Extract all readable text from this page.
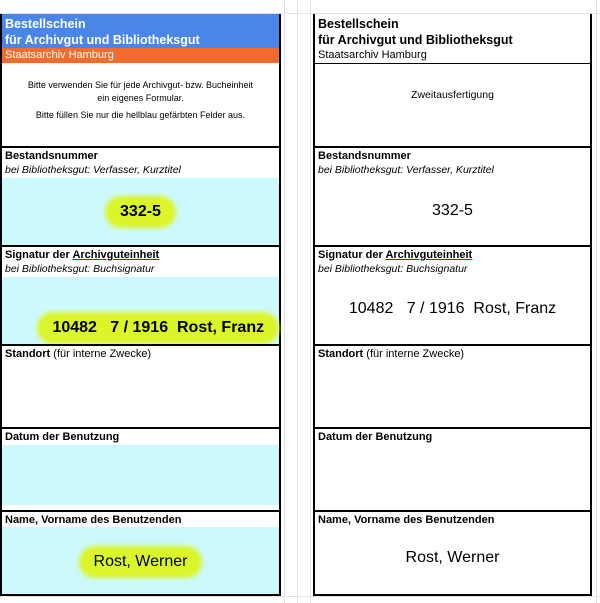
Bestellschein
für Archivgut und Bibliotheksgut
Staatsarchiv Hamburg
Bitte verwenden Sie für jede Archivgut- bzw. Bucheinheit
ein eigenes Formular.
Bitte füllen Sie nur die hellblau gefärbten Felder aus.
Bestandsnummer
bei Bibliotheksgut: Verfasser, Kurztitel
332-5
Signatur der Archivguteinheit
bei Bibliotheksgut: Buchsignatur

10482   7 / 1916  Rost, Franz

Standort (für interne Zwecke)
Datum der Benutzung
Name, Vorname des Benutzenden
Rost, Werner
Bestellschein
für Archivgut und Bibliotheksgut
Staatsarchiv Hamburg
Zweitausfertigung
Bestandsnummer
bei Bibliotheksgut: Verfasser, Kurztitel
332-5
Signatur der Archivguteinheit
bei Bibliotheksgut: Buchsignatur
10482   7 / 1916  Rost, Franz
Standort (für interne Zwecke)
Datum der Benutzung
Name, Vorname des Benutzenden
Rost, Werner
